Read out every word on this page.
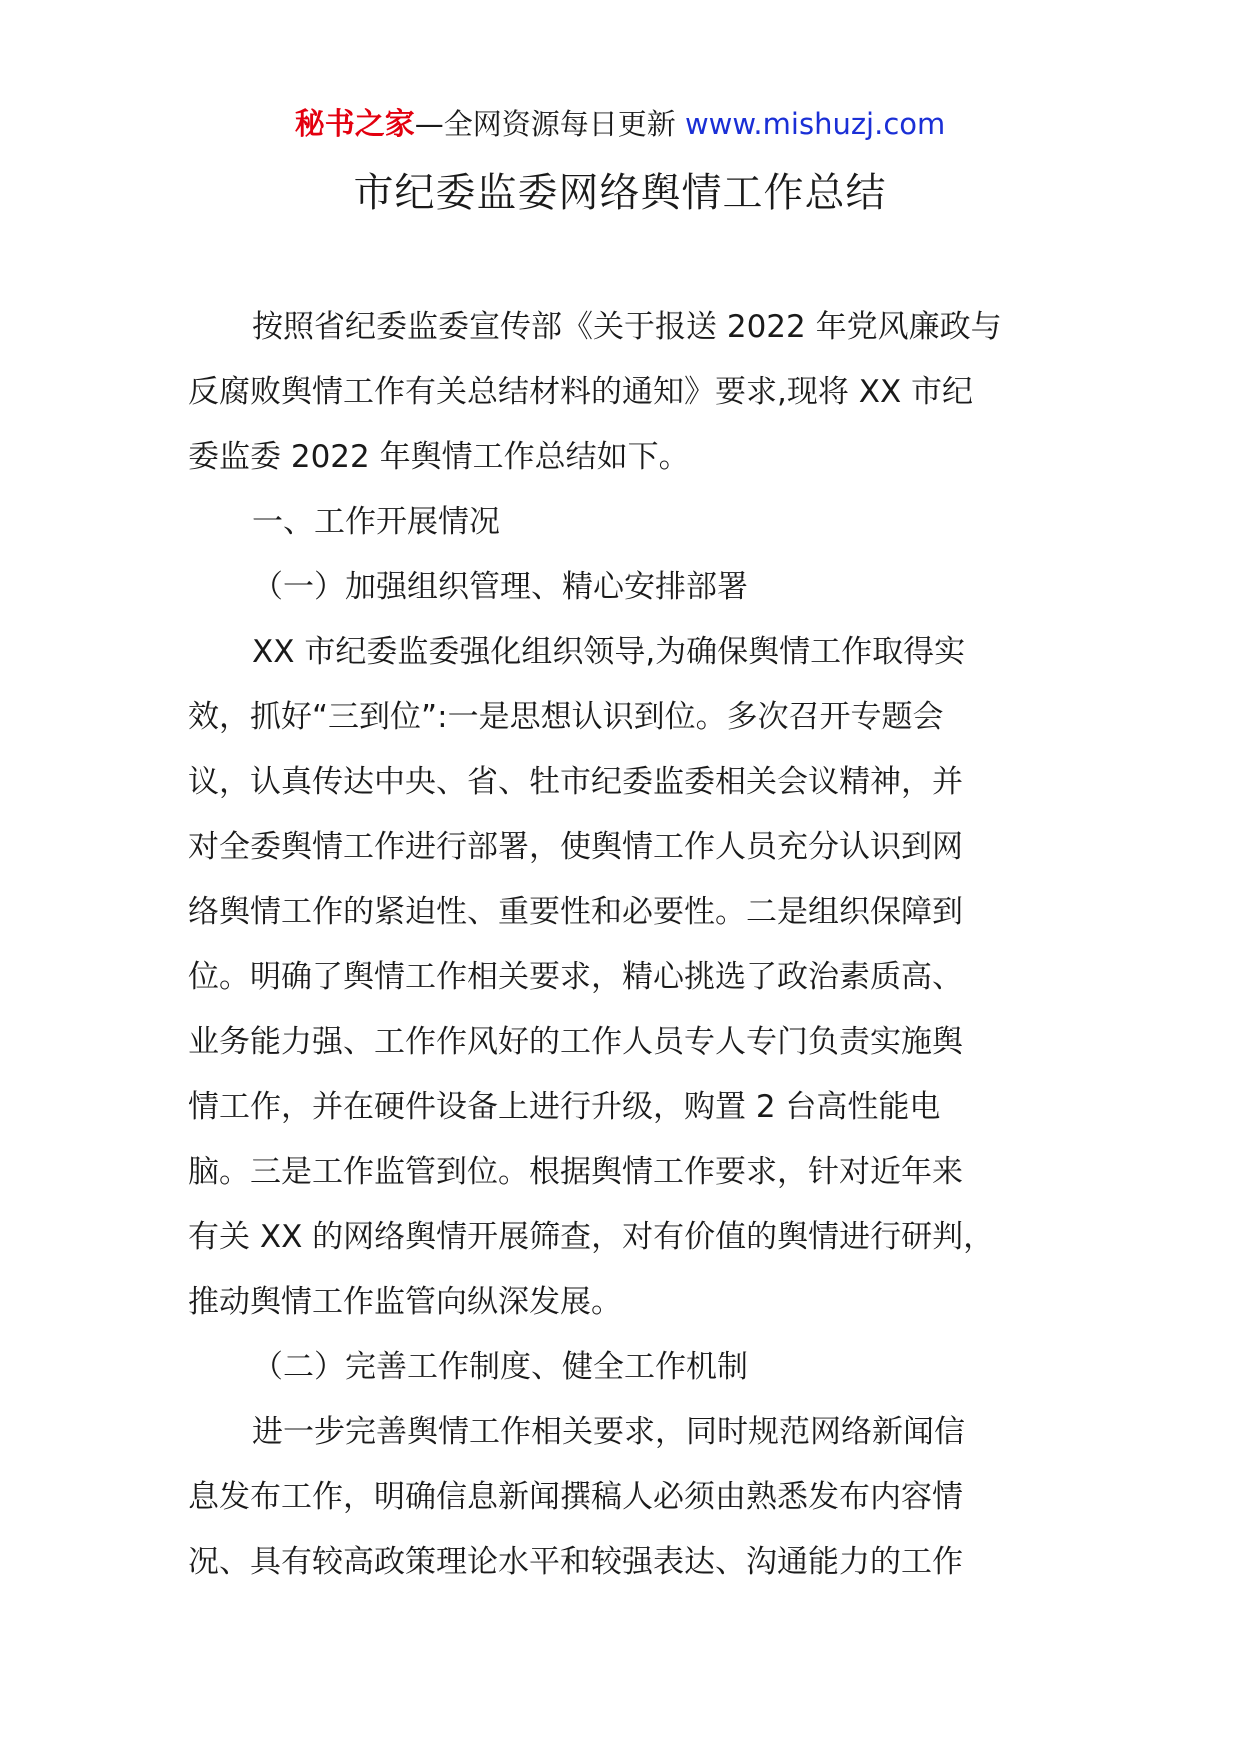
秘书之家—全网资源每日更新 www.mishuzj.com
市纪委监委网络舆情工作总结
按照省纪委监委宣传部《关于报送 2022 年党风廉政与
反腐败舆情工作有关总结材料的通知》要求,现将 XX 市纪
委监委 2022 年舆情工作总结如下。
一、工作开展情况
（一）加强组织管理、精心安排部署
XX 市纪委监委强化组织领导,为确保舆情工作取得实
效，抓好“三到位”:一是思想认识到位。多次召开专题会
议，认真传达中央、省、牡市纪委监委相关会议精神，并
对全委舆情工作进行部署，使舆情工作人员充分认识到网
络舆情工作的紧迫性、重要性和必要性。二是组织保障到
位。明确了舆情工作相关要求，精心挑选了政治素质高、
业务能力强、工作作风好的工作人员专人专门负责实施舆
情工作，并在硬件设备上进行升级，购置 2 台高性能电
脑。三是工作监管到位。根据舆情工作要求，针对近年来
有关 XX 的网络舆情开展筛查，对有价值的舆情进行研判，
推动舆情工作监管向纵深发展。
（二）完善工作制度、健全工作机制
进一步完善舆情工作相关要求，同时规范网络新闻信
息发布工作，明确信息新闻撰稿人必须由熟悉发布内容情
况、具有较高政策理论水平和较强表达、沟通能力的工作
